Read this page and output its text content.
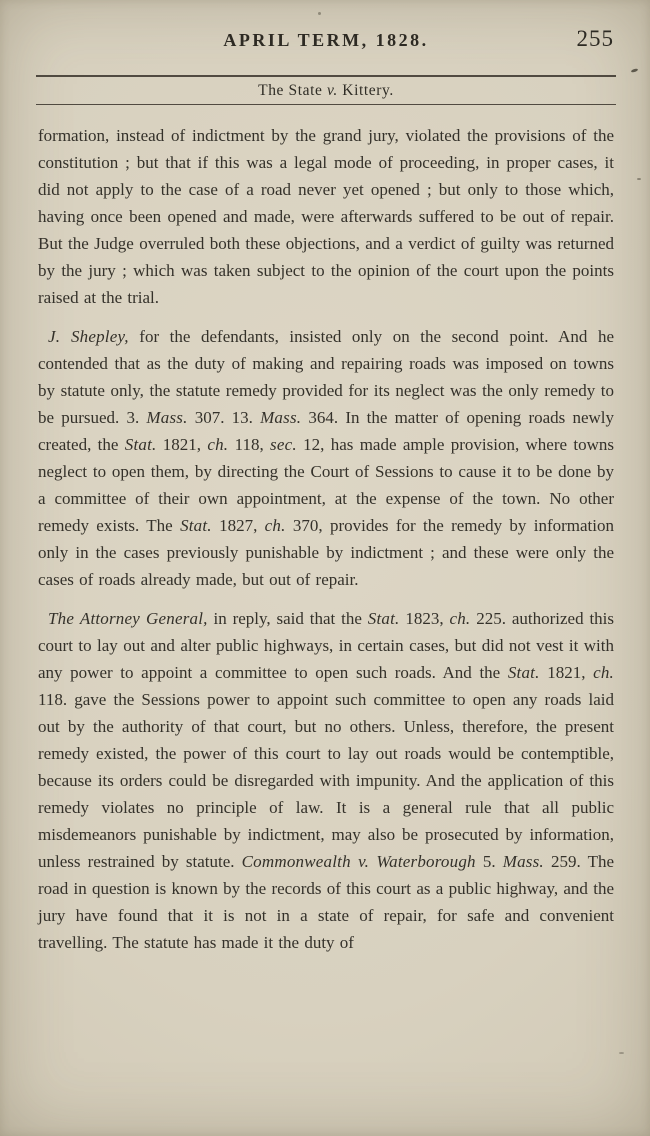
APRIL TERM, 1828.	255
The State v. Kittery.

formation, instead of indictment by the grand jury, violated the provisions of the constitution ; but that if this was a legal mode of proceeding, in proper cases, it did not apply to the case of a road never yet opened ; but only to those which, having once been opened and made, were afterwards suffered to be out of repair. But the Judge overruled both these objections, and a verdict of guilty was returned by the jury ; which was taken subject to the opinion of the court upon the points raised at the trial.

J. Shepley, for the defendants, insisted only on the second point. And he contended that as the duty of making and repairing roads was imposed on towns by statute only, the statute remedy provided for its neglect was the only remedy to be pursued. 3. Mass. 307. 13. Mass. 364. In the matter of opening roads newly created, the Stat. 1821, ch. 118, sec. 12, has made ample provision, where towns neglect to open them, by directing the Court of Sessions to cause it to be done by a committee of their own appointment, at the expense of the town. No other remedy exists. The Stat. 1827, ch. 370, provides for the remedy by information only in the cases previously punishable by indictment ; and these were only the cases of roads already made, but out of repair.

The Attorney General, in reply, said that the Stat. 1823, ch. 225. authorized this court to lay out and alter public highways, in certain cases, but did not vest it with any power to appoint a committee to open such roads. And the Stat. 1821, ch. 118. gave the Sessions power to appoint such committee to open any roads laid out by the authority of that court, but no others. Unless, therefore, the present remedy existed, the power of this court to lay out roads would be contemptible, because its orders could be disregarded with impunity. And the application of this remedy violates no principle of law. It is a general rule that all public misdemeanors punishable by indictment, may also be prosecuted by information, unless restrained by statute. Commonwealth v. Waterborough 5. Mass. 259. The road in question is known by the records of this court as a public highway, and the jury have found that it is not in a state of repair, for safe and convenient travelling. The statute has made it the duty of
